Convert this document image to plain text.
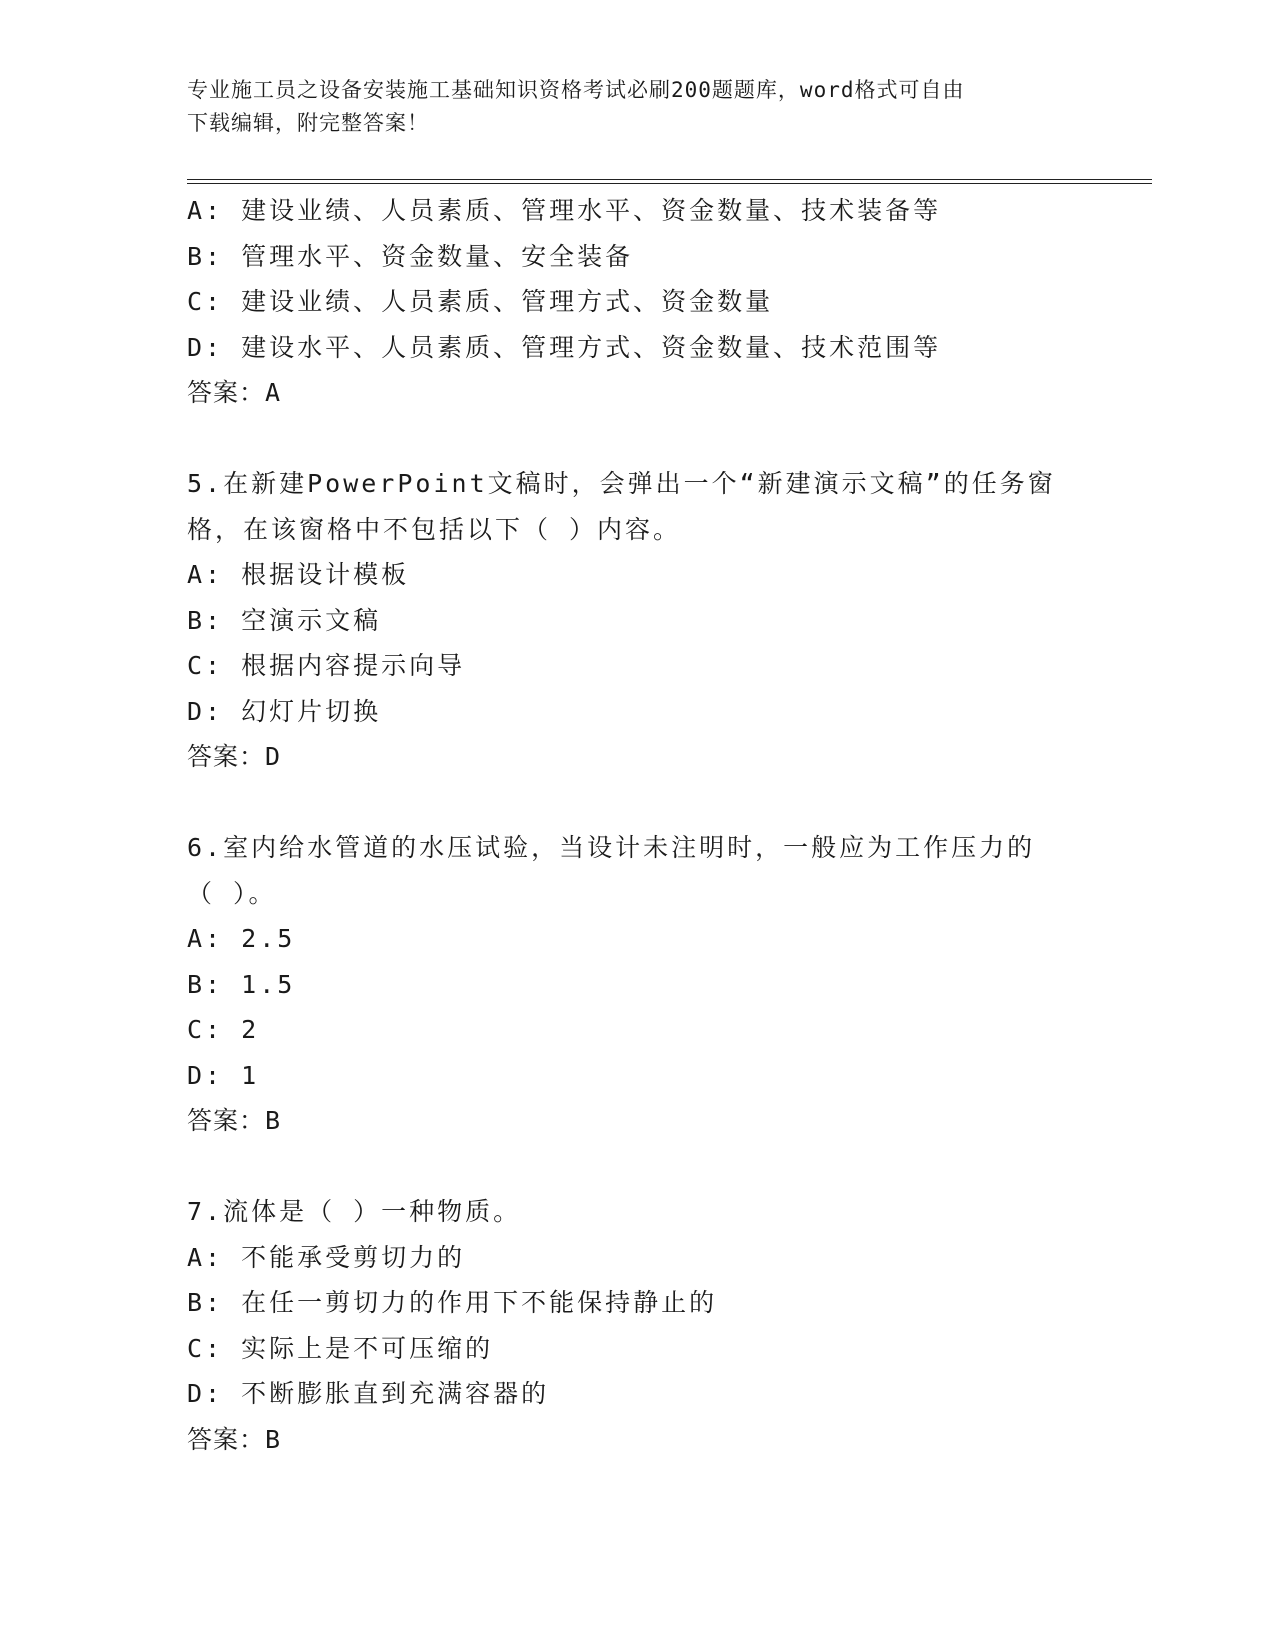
专业施工员之设备安装施工基础知识资格考试必刷200题题库，word格式可自由
下载编辑，附完整答案！
A: 建设业绩、人员素质、管理水平、资金数量、技术装备等
B: 管理水平、资金数量、安全装备
C: 建设业绩、人员素质、管理方式、资金数量
D: 建设水平、人员素质、管理方式、资金数量、技术范围等
答案：A
5.在新建PowerPoint文稿时，会弹出一个“新建演示文稿”的任务窗
格，在该窗格中不包括以下（ ）内容。
A: 根据设计模板
B: 空演示文稿
C: 根据内容提示向导
D: 幻灯片切换
答案：D
6.室内给水管道的水压试验，当设计未注明时，一般应为工作压力的
（ ）。
A: 2.5
B: 1.5
C: 2
D: 1
答案：B
7.流体是（ ）一种物质。
A: 不能承受剪切力的
B: 在任一剪切力的作用下不能保持静止的
C: 实际上是不可压缩的
D: 不断膨胀直到充满容器的
答案：B
